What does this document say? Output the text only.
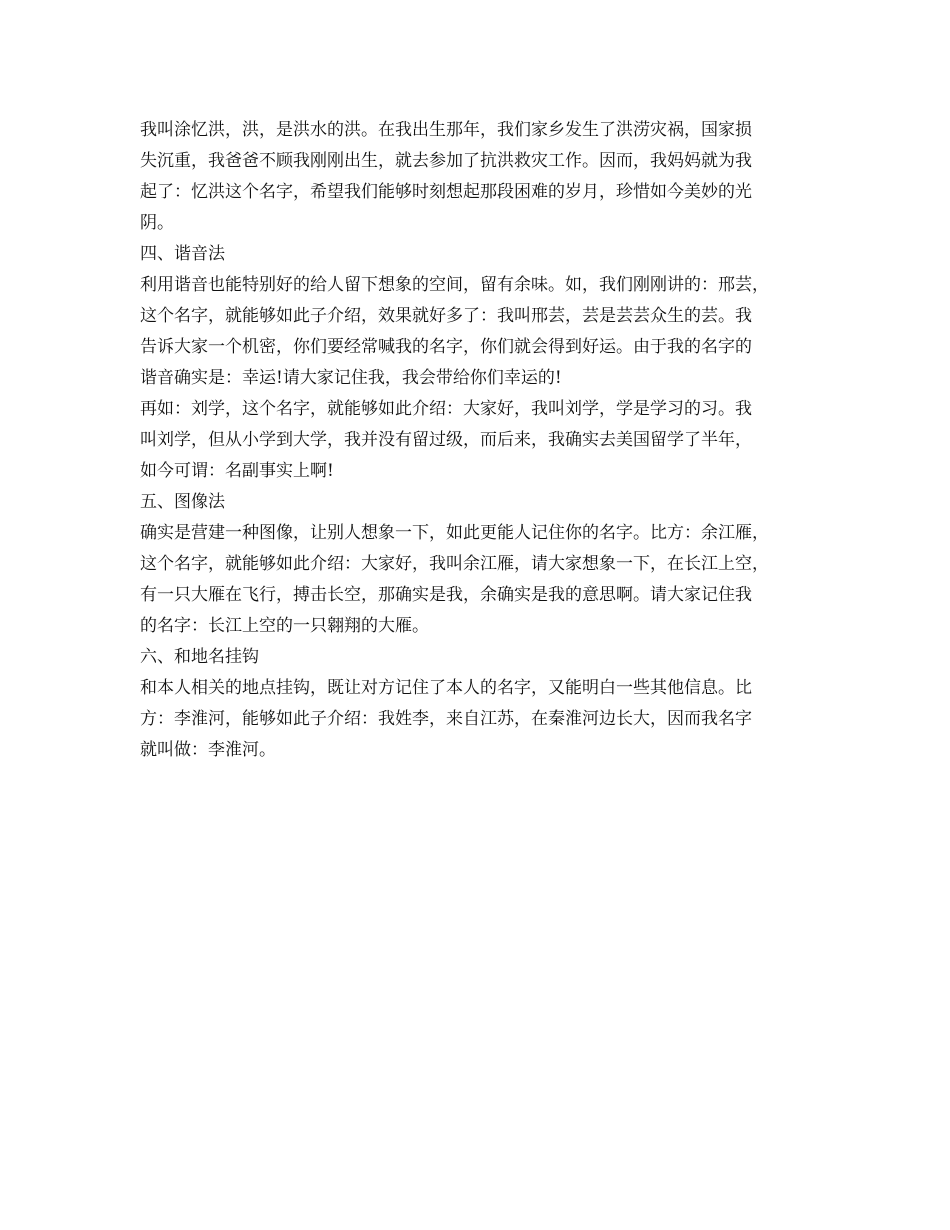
我叫涂忆洪，洪，是洪水的洪。在我出生那年，我们家乡发生了洪涝灾祸，国家损
失沉重，我爸爸不顾我刚刚出生，就去参加了抗洪救灾工作。因而，我妈妈就为我
起了：忆洪这个名字，希望我们能够时刻想起那段困难的岁月，珍惜如今美妙的光
阴。
四、谐音法
利用谐音也能特别好的给人留下想象的空间，留有余味。如，我们刚刚讲的：邢芸，
这个名字，就能够如此子介绍，效果就好多了：我叫邢芸，芸是芸芸众生的芸。我
告诉大家一个机密，你们要经常喊我的名字，你们就会得到好运。由于我的名字的
谐音确实是：幸运!请大家记住我，我会带给你们幸运的!
再如：刘学，这个名字，就能够如此介绍：大家好，我叫刘学，学是学习的习。我
叫刘学，但从小学到大学，我并没有留过级，而后来，我确实去美国留学了半年，
如今可谓：名副事实上啊!
五、图像法
确实是营建一种图像，让别人想象一下，如此更能人记住你的名字。比方：余江雁，
这个名字，就能够如此介绍：大家好，我叫余江雁，请大家想象一下，在长江上空，
有一只大雁在飞行，搏击长空，那确实是我，余确实是我的意思啊。请大家记住我
的名字：长江上空的一只翱翔的大雁。
六、和地名挂钩
和本人相关的地点挂钩，既让对方记住了本人的名字，又能明白一些其他信息。比
方：李淮河，能够如此子介绍：我姓李，来自江苏，在秦淮河边长大，因而我名字
就叫做：李淮河。
